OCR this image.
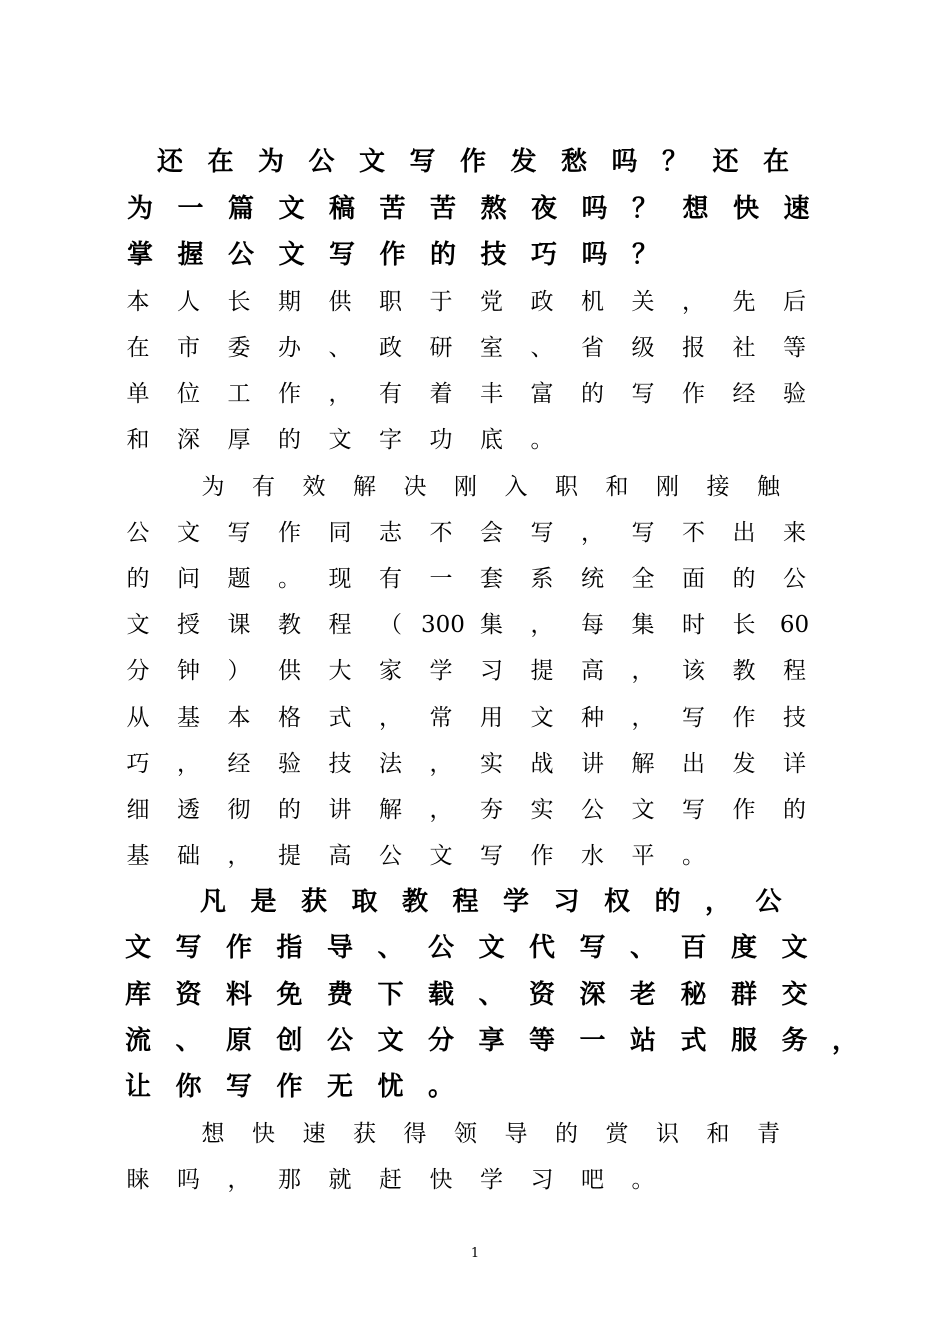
还 在 为 公 文 写 作 发 愁 吗 ？ 还 在
为 一 篇 文 稿 苦 苦 熬 夜 吗 ？ 想 快 速
掌 握 公 文 写 作 的 技 巧 吗 ？
本	人	长	期	供	职	于	党	政	机	关	，	先	后
在	市	委	办	、	政	研	室	、	省	级	报	社	等
单	位	工	作	，	有	着	丰	富	的	写	作	经	验
和	深	厚	的	文	字	功	底	。
为	有	效	解	决	刚	入	职	和	刚	接	触
公	文	写	作	同	志	不	会	写	，	写	不	出	来
的	问	题	。	现	有	一	套	系	统	全	面	的	公
文	授	课	教	程	（ 300 集	，	每	集	时	长	60
分	钟	）	供	大	家	学	习	提	高	，	该	教	程
从	基	本	格	式	，	常	用	文	种	，	写	作	技
巧	，	经	验	技	法	，	实	战	讲	解	出	发	详
细	透	彻	的	讲	解	，	夯	实	公	文	写	作	的
基	础	，	提	高	公	文	写	作	水	平	。
凡 是 获 取 教 程 学 习 权 的 ， 公
文 写 作 指 导 、 公 文 代 写 、 百 度 文
库 资 料 免 费 下 载 、 资 深 老 秘 群 交
流 、 原 创 公 文 分 享 等 一 站 式 服 务 ，
让 你 写 作 无 忧 。
想	快	速	获	得	领	导	的	赏	识	和	青
睐	吗	，	那	就	赶	快	学	习	吧	。
1
